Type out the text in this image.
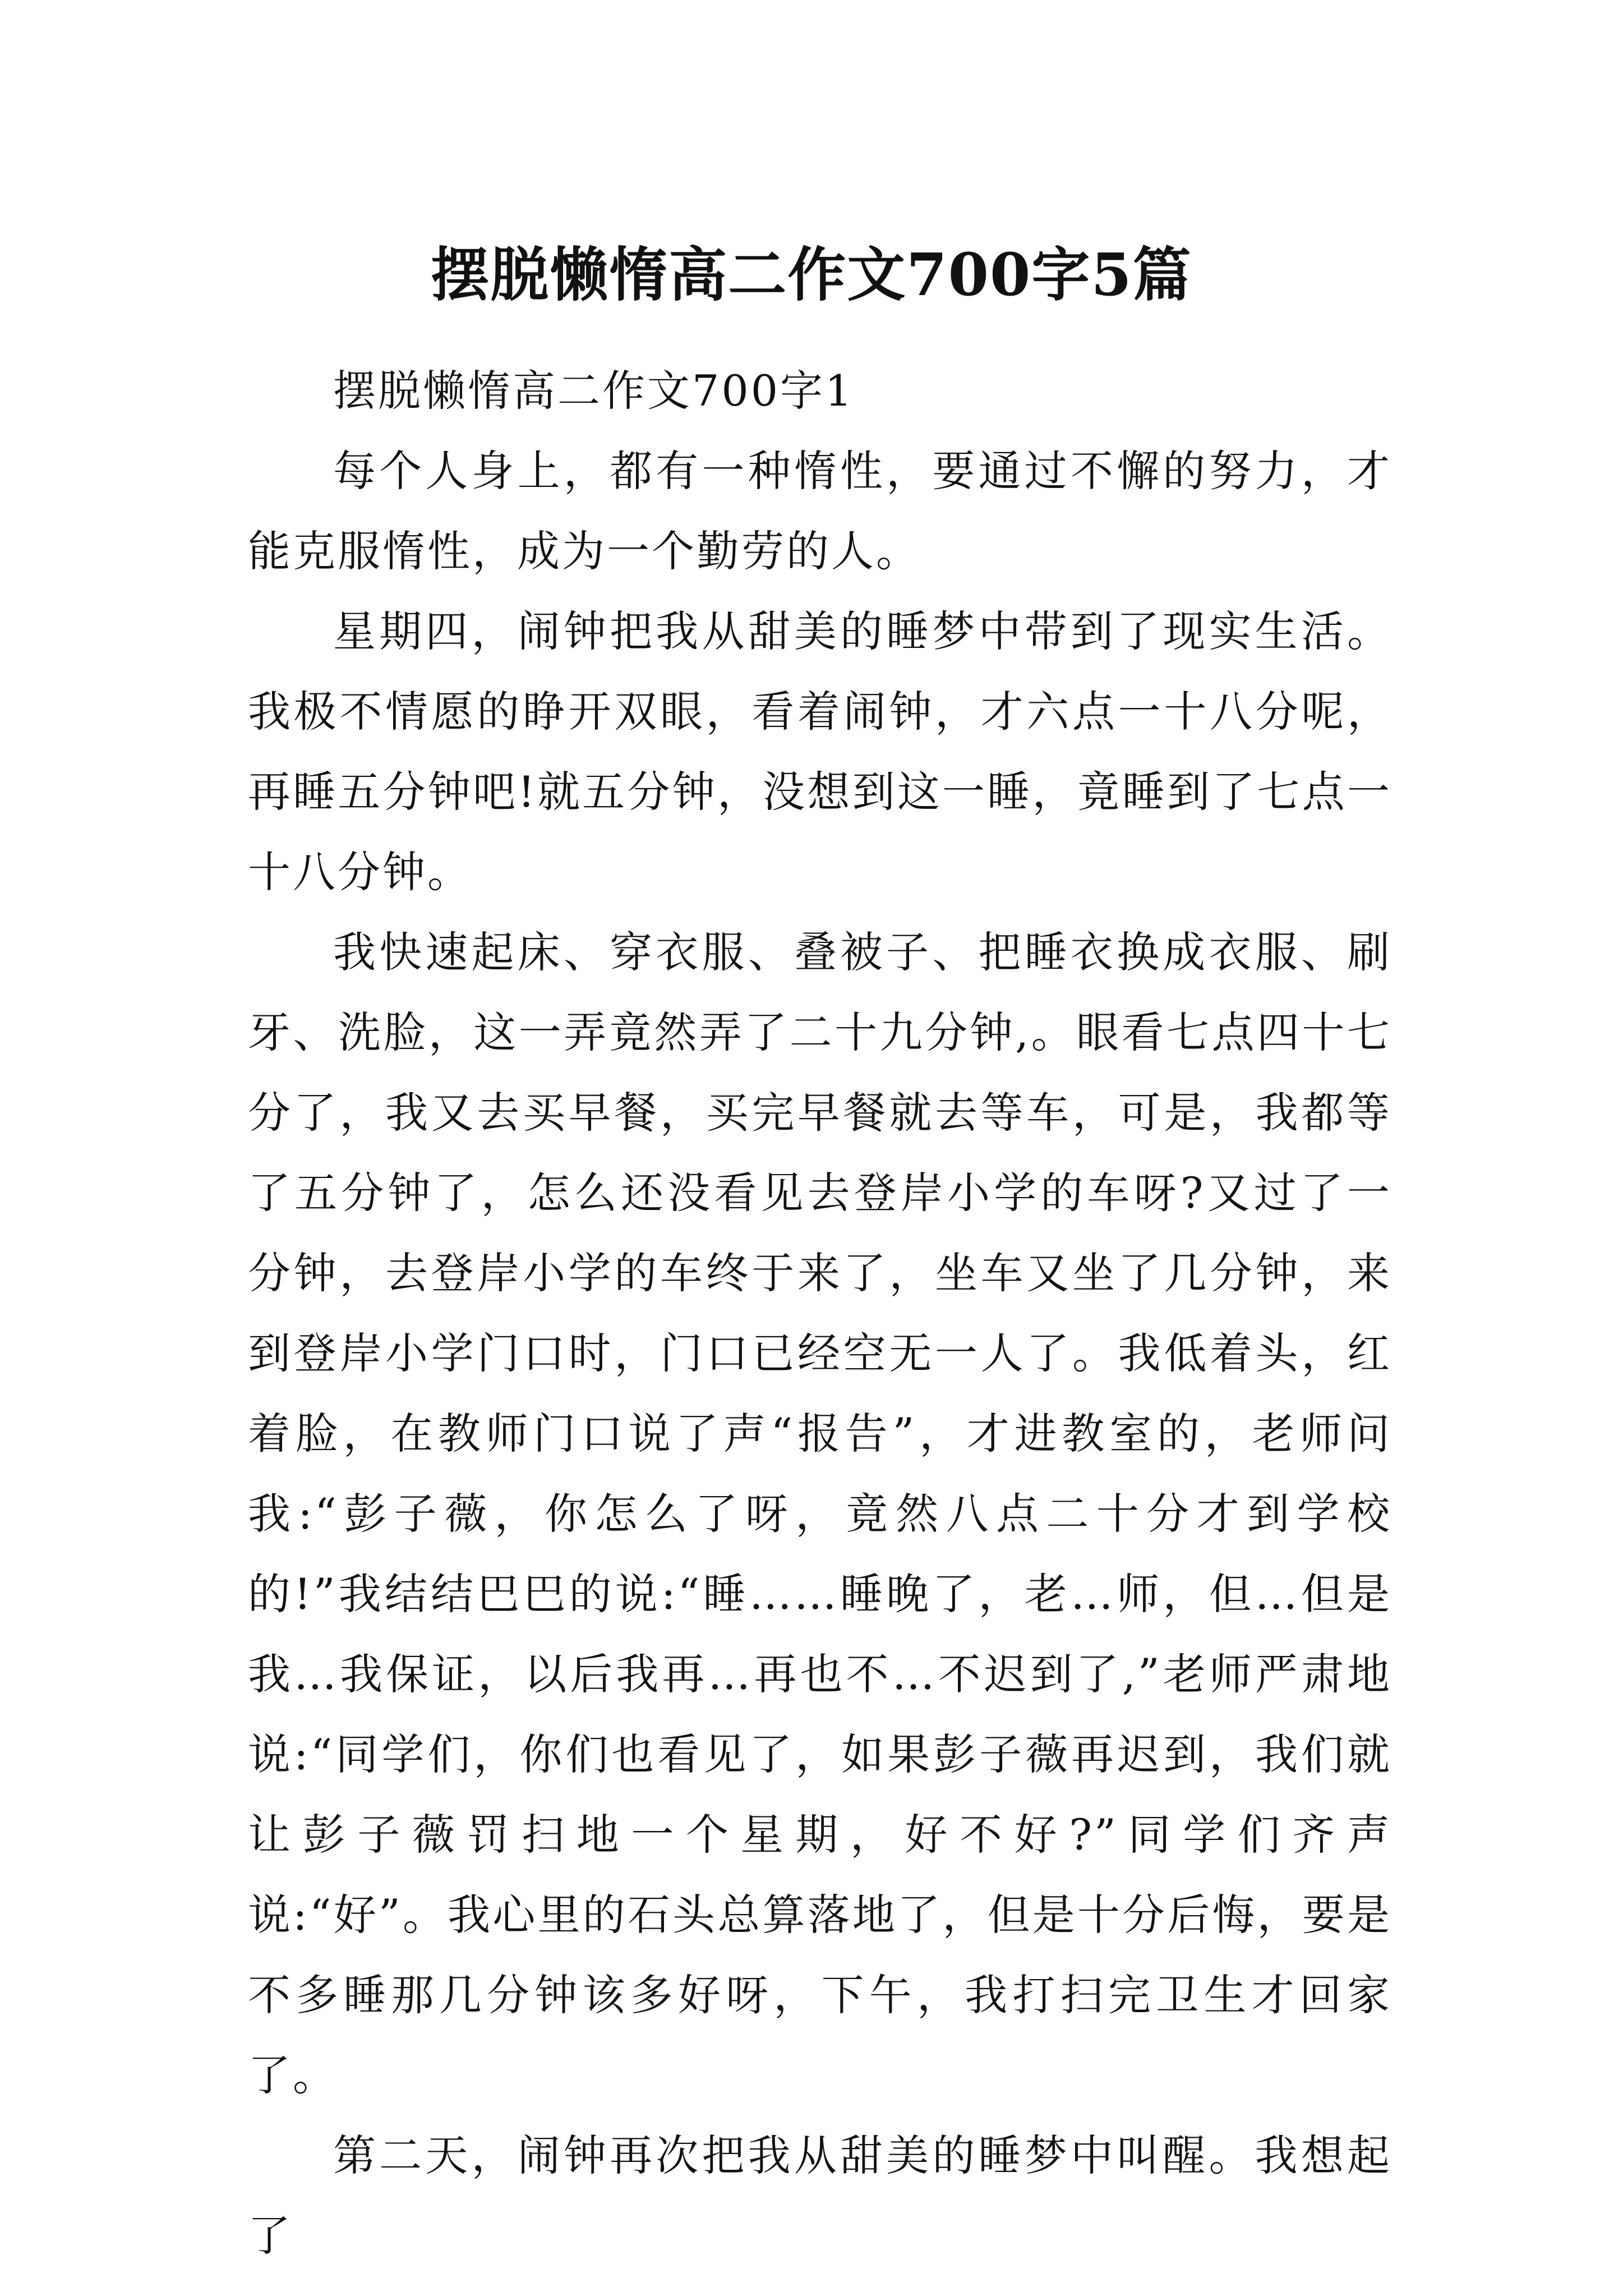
摆脱懒惰高二作文700字5篇

摆脱懒惰高二作文700字1

每个人身上，都有一种惰性，要通过不懈的努力，才能克服惰性，成为一个勤劳的人。

星期四，闹钟把我从甜美的睡梦中带到了现实生活。我极不情愿的睁开双眼，看着闹钟，才六点一十八分呢，再睡五分钟吧!就五分钟，没想到这一睡，竟睡到了七点一十八分钟。

我快速起床、穿衣服、叠被子、把睡衣换成衣服、刷牙、洗脸，这一弄竟然弄了二十九分钟,。眼看七点四十七分了，我又去买早餐，买完早餐就去等车，可是，我都等了五分钟了，怎么还没看见去登岸小学的车呀?又过了一分钟，去登岸小学的车终于来了，坐车又坐了几分钟，来到登岸小学门口时，门口已经空无一人了。我低着头，红着脸，在教师门口说了声“报告”，才进教室的，老师问我:“彭子薇，你怎么了呀，竟然八点二十分才到学校的!”我结结巴巴的说:“睡……睡晚了，老…师，但…但是我…我保证，以后我再…再也不…不迟到了,”老师严肃地说:“同学们，你们也看见了，如果彭子薇再迟到，我们就让彭子薇罚扫地一个星期，好不好?”同学们齐声说:“好”。我心里的石头总算落地了，但是十分后悔，要是不多睡那几分钟该多好呀，下午，我打扫完卫生才回家了。

第二天，闹钟再次把我从甜美的睡梦中叫醒。我想起了
